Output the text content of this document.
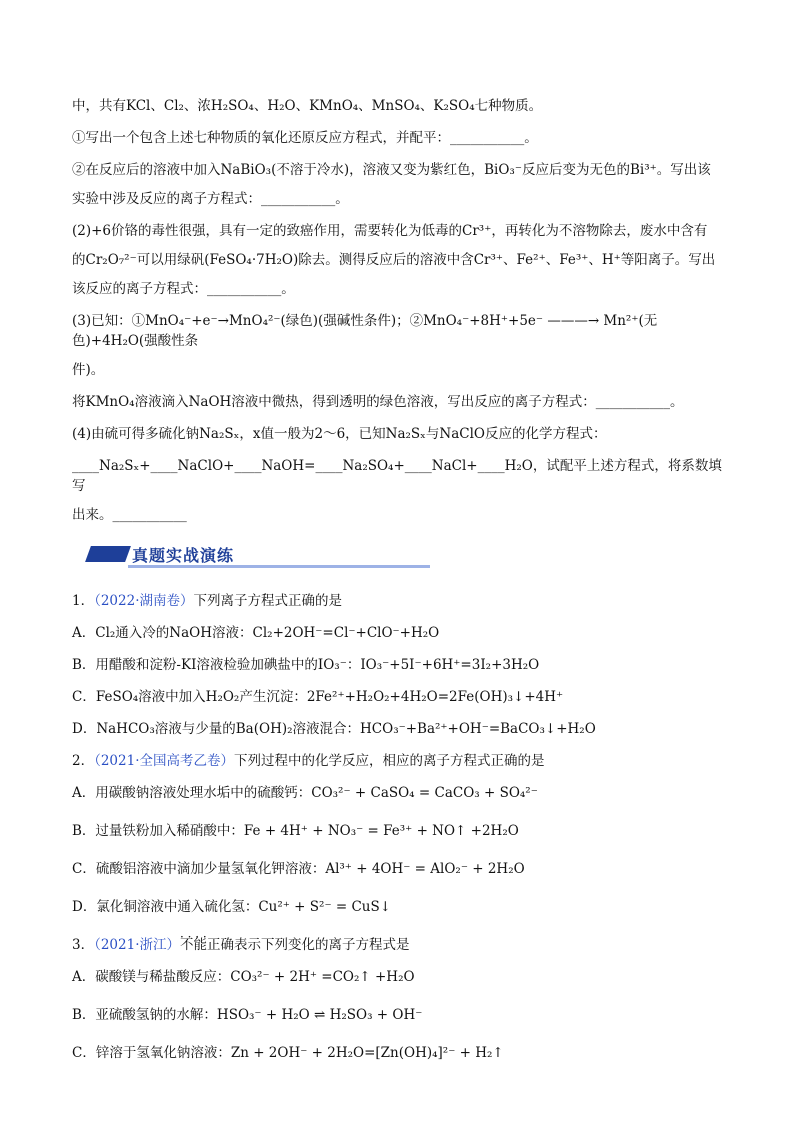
中，共有KCl、Cl₂、浓H₂SO₄、H₂O、KMnO₄、MnSO₄、K₂SO₄七种物质。
①写出一个包含上述七种物质的氧化还原反应方程式，并配平：___________。
②在反应后的溶液中加入NaBiO₃(不溶于冷水)，溶液又变为紫红色，BiO₃⁻反应后变为无色的Bi³⁺。写出该
实验中涉及反应的离子方程式：___________。
(2)+6价铬的毒性很强，具有一定的致癌作用，需要转化为低毒的Cr³⁺，再转化为不溶物除去，废水中含有
的Cr₂O₇²⁻可以用绿矾(FeSO₄·7H₂O)除去。测得反应后的溶液中含Cr³⁺、Fe²⁺、Fe³⁺、H⁺等阳离子。写出
该反应的离子方程式：___________。
(3)已知：①MnO₄⁻+e⁻→MnO₄²⁻(绿色)(强碱性条件)；②MnO₄⁻+8H⁺+5e⁻ ———→ Mn²⁺(无色)+4H₂O(强酸性条
件)。
将KMnO₄溶液滴入NaOH溶液中微热，得到透明的绿色溶液，写出反应的离子方程式：___________。
(4)由硫可得多硫化钠Na₂Sₓ，x值一般为2～6，已知Na₂Sₓ与NaClO反应的化学方程式：
____Na₂Sₓ+____NaClO+____NaOH=____Na₂SO₄+____NaCl+____H₂O，试配平上述方程式，将系数填写
出来。___________
真题实战演练
1．（2022·湖南卷）下列离子方程式正确的是
A．Cl₂通入冷的NaOH溶液：Cl₂+2OH⁻=Cl⁻+ClO⁻+H₂O
B．用醋酸和淀粉-KI溶液检验加碘盐中的IO₃⁻：IO₃⁻+5I⁻+6H⁺=3I₂+3H₂O
C．FeSO₄溶液中加入H₂O₂产生沉淀：2Fe²⁺+H₂O₂+4H₂O=2Fe(OH)₃↓+4H⁺
D．NaHCO₃溶液与少量的Ba(OH)₂溶液混合：HCO₃⁻+Ba²⁺+OH⁻=BaCO₃↓+H₂O
2．（2021·全国高考乙卷）下列过程中的化学反应，相应的离子方程式正确的是
A．用碳酸钠溶液处理水垢中的硫酸钙：CO₃²⁻ + CaSO₄ = CaCO₃ + SO₄²⁻
B．过量铁粉加入稀硝酸中：Fe + 4H⁺ + NO₃⁻ = Fe³⁺ + NO↑ +2H₂O
C．硫酸铝溶液中滴加少量氢氧化钾溶液：Al³⁺ + 4OH⁻ = AlO₂⁻ + 2H₂O
D．氯化铜溶液中通入硫化氢：Cu²⁺ + S²⁻ = CuS↓
3．（2021·浙江）· · · · 不能正确表示下列变化的离子方程式是
A．碳酸镁与稀盐酸反应：CO₃²⁻ + 2H⁺ =CO₂↑ +H₂O
B．亚硫酸氢钠的水解：HSO₃⁻ + H₂O ⇌ H₂SO₃ + OH⁻
C．锌溶于氢氧化钠溶液：Zn + 2OH⁻ + 2H₂O=[Zn(OH)₄]²⁻ + H₂↑
